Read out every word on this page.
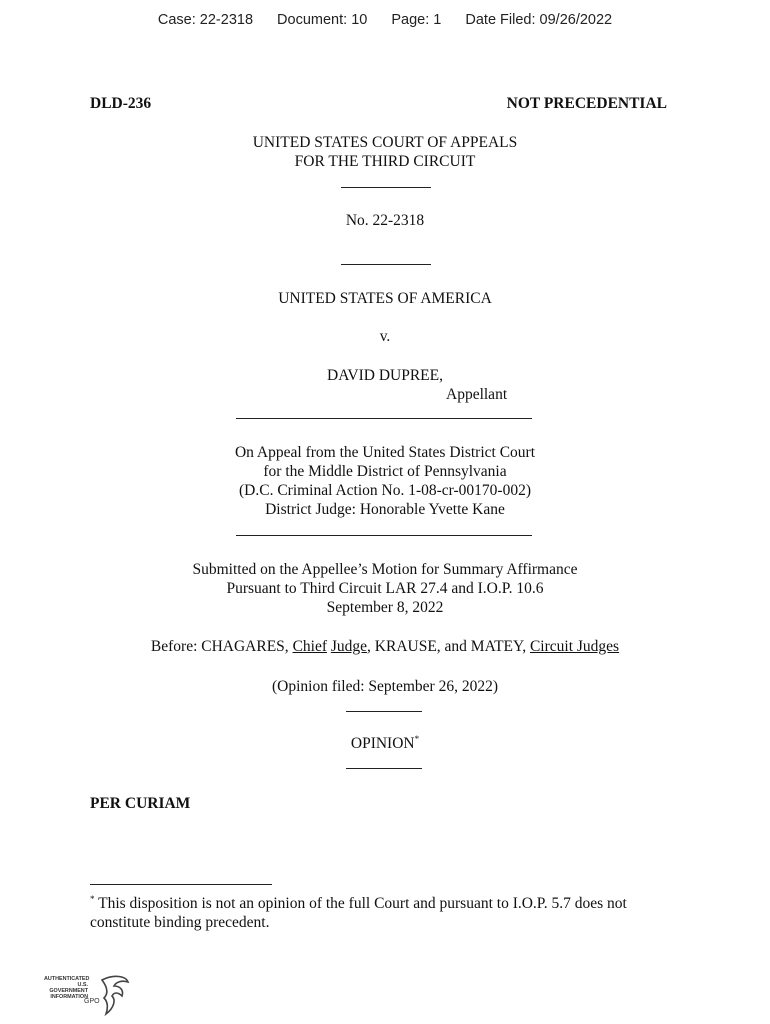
Case: 22-2318 Document: 10 Page: 1 Date Filed: 09/26/2022
DLD-236	NOT PRECEDENTIAL
UNITED STATES COURT OF APPEALS
FOR THE THIRD CIRCUIT
No. 22-2318
UNITED STATES OF AMERICA
v.
DAVID DUPREE,
Appellant
On Appeal from the United States District Court
for the Middle District of Pennsylvania
(D.C. Criminal Action No. 1-08-cr-00170-002)
District Judge: Honorable Yvette Kane
Submitted on the Appellee’s Motion for Summary Affirmance
Pursuant to Third Circuit LAR 27.4 and I.O.P. 10.6
September 8, 2022
Before: CHAGARES, Chief Judge, KRAUSE, and MATEY, Circuit Judges
(Opinion filed: September 26, 2022)
OPINION*
PER CURIAM
* This disposition is not an opinion of the full Court and pursuant to I.O.P. 5.7 does not
constitute binding precedent.
AUTHENTICATED
U.S. GOVERNMENT
INFORMATION
GPO
